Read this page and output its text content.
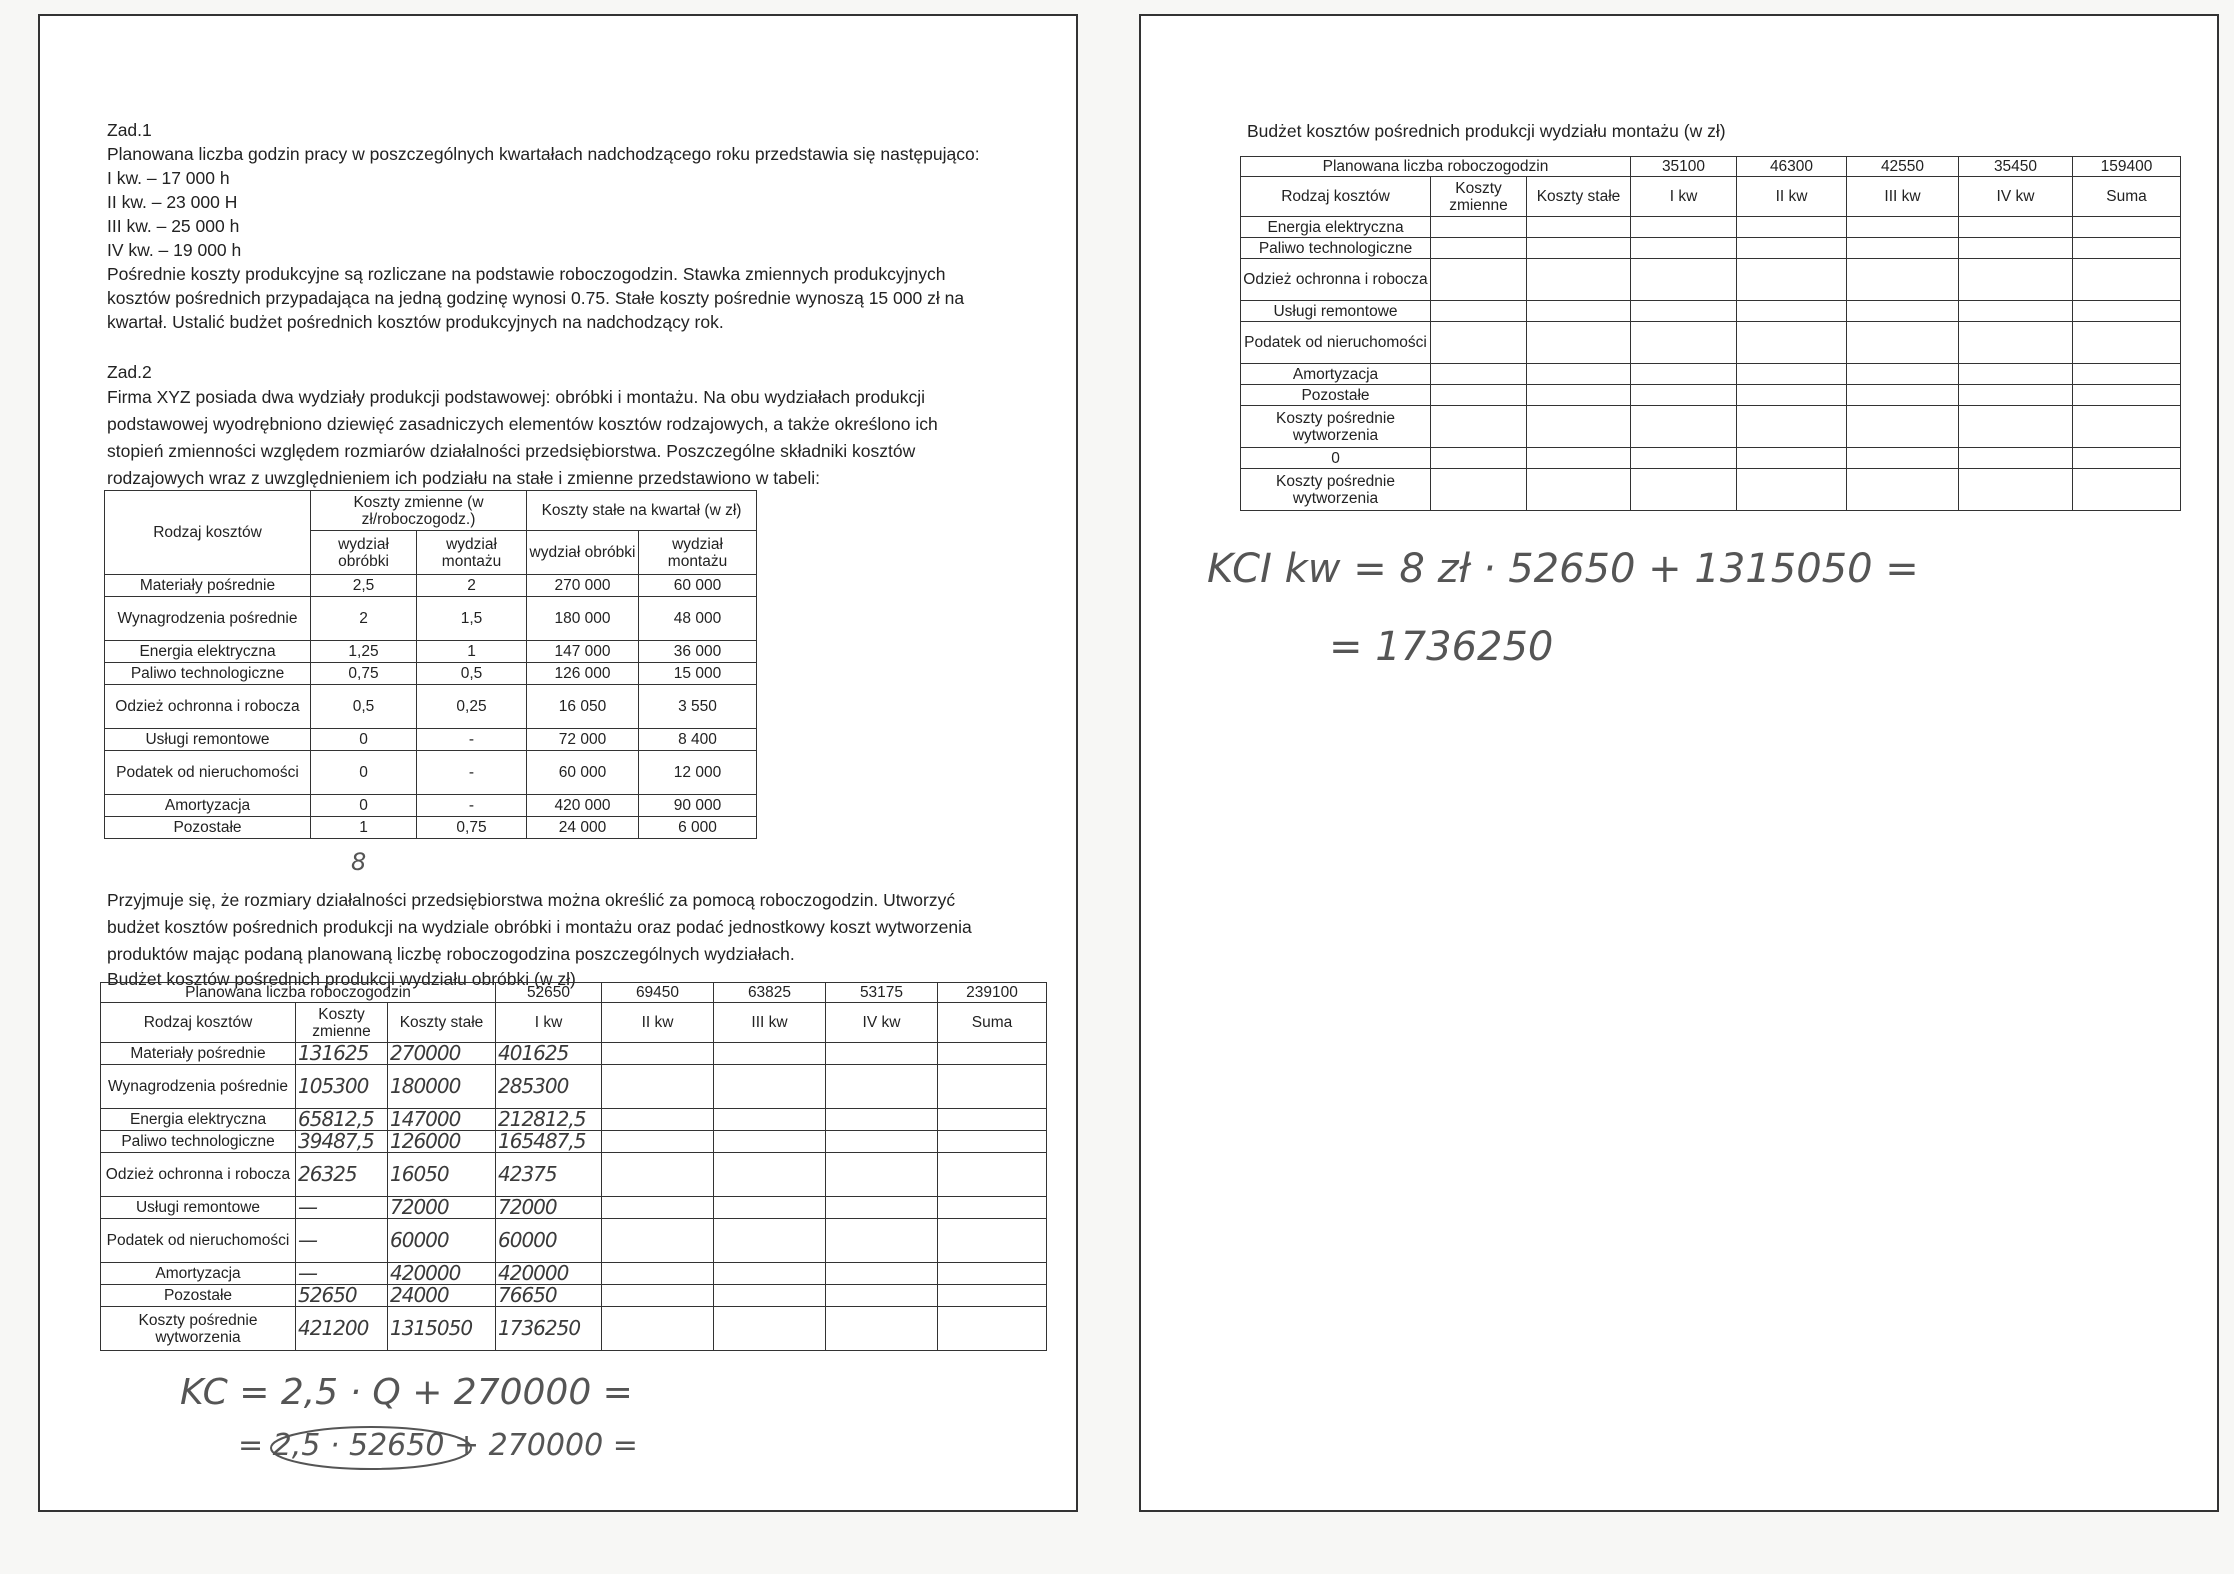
Zad.1
Planowana liczba godzin pracy w poszczególnych kwartałach nadchodzącego roku przedstawia się następująco:
I kw. – 17 000 h
II kw. – 23 000 H
III kw. – 25 000 h
IV kw. – 19 000 h
Pośrednie koszty produkcyjne są rozliczane na podstawie roboczogodzin. Stawka zmiennych produkcyjnych
kosztów pośrednich przypadająca na jedną godzinę wynosi 0.75. Stałe koszty pośrednie wynoszą 15 000 zł na
kwartał. Ustalić budżet pośrednich kosztów produkcyjnych na nadchodzący rok.
Zad.2
Firma XYZ posiada dwa wydziały produkcji podstawowej: obróbki i montażu. Na obu wydziałach produkcji
podstawowej wyodrębniono dziewięć zasadniczych elementów kosztów rodzajowych, a także określono ich
stopień zmienności względem rozmiarów działalności przedsiębiorstwa. Poszczególne składniki kosztów
rodzajowych wraz z uwzględnieniem ich podziału na stałe i zmienne przedstawiono w tabeli:
Rodzaj kosztów	Koszty zmienne (w zł/roboczogodz.)		Koszty stałe na kwartał (w zł)	
	wydział obróbki	wydział montażu	wydział obróbki	wydział montażu
Materiały pośrednie	2,5	2	270 000	60 000
Wynagrodzenia pośrednie	2	1,5	180 000	48 000
Energia elektryczna	1,25	1	147 000	36 000
Paliwo technologiczne	0,75	0,5	126 000	15 000
Odzież ochronna i robocza	0,5	0,25	16 050	3 550
Usługi remontowe	0	-	72 000	8 400
Podatek od nieruchomości	0	-	60 000	12 000
Amortyzacja	0	-	420 000	90 000
Pozostałe	1	0,75	24 000	6 000
8
Przyjmuje się, że rozmiary działalności przedsiębiorstwa można określić za pomocą roboczogodzin. Utworzyć
budżet kosztów pośrednich produkcji na wydziale obróbki i montażu oraz podać jednostkowy koszt wytworzenia
produktów mając podaną planowaną liczbę roboczogodzina poszczególnych wydziałach.
Budżet kosztów pośrednich produkcji wydziału obróbki (w zł)
Planowana liczba roboczogodzin			52650	69450	63825	53175	239100
Rodzaj kosztów	Koszty zmienne	Koszty stałe	I kw	II kw	III kw	IV kw	Suma
Materiały pośrednie	131625	270000	401625				
Wynagrodzenia pośrednie	105300	180000	285300				
Energia elektryczna	65812,5	147000	212812,5				
Paliwo technologiczne	39487,5	126000	165487,5				
Odzież ochronna i robocza	26325	16050	42375				
Usługi remontowe	—	72000	72000				
Podatek od nieruchomości	—	60000	60000				
Amortyzacja	—	420000	420000				
Pozostałe	52650	24000	76650				
Koszty pośrednie wytworzenia	421200	1315050	1736250				
KC = 2,5 · Q + 270000 =
= 2,5 · 52650 + 270000 =
Budżet kosztów pośrednich produkcji wydziału montażu (w zł)
Planowana liczba roboczogodzin			35100	46300	42550	35450	159400
Rodzaj kosztów	Koszty zmienne	Koszty stałe	I kw	II kw	III kw	IV kw	Suma
Energia elektryczna							
Paliwo technologiczne							
Odzież ochronna i robocza							
Usługi remontowe							
Podatek od nieruchomości							
Amortyzacja							
Pozostałe							
Koszty pośrednie wytworzenia							
0							
Koszty pośrednie wytworzenia							
KCI kw = 8 zł · 52650 + 1315050 =
= 1736250
